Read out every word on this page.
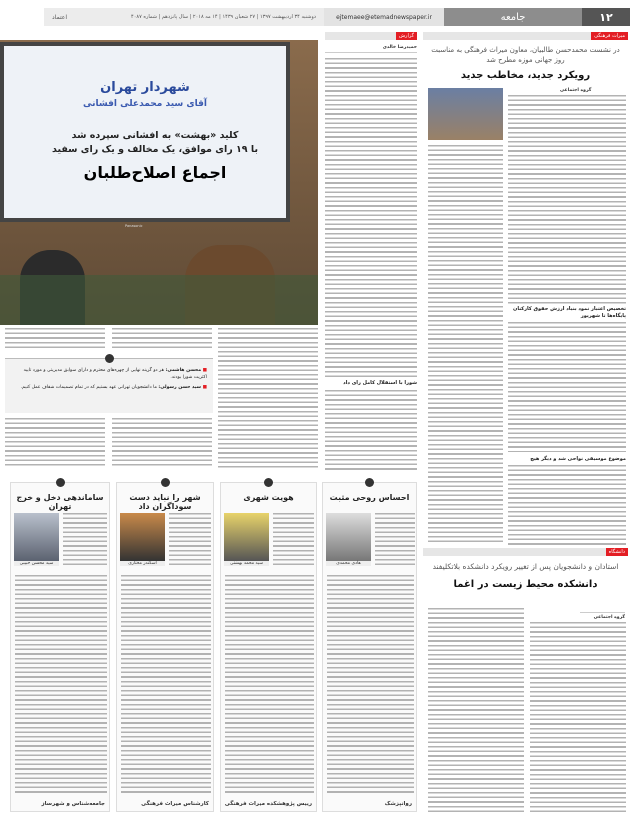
۱۲
جامعه
ejtemaee@etemadnewspaper.ir
دوشنبه ۳۴ اردیبهشت ۱۳۹۷ | ۲۷ شعبان ۱۴۳۹ | ۱۴ مه ۲۰۱۸ | سال پانزدهم | شماره ۴۰۸۷
اعتماد
میراث فرهنگی
در نشست محمدحسن طالبیان، معاون میراث فرهنگی به مناسبت روز جهانی موزه مطرح شد
رویکرد جدید، مخاطب جدید
گروه اجتماعی
تخصیص اعتبار نمود بنیاد ارزش حقوق کارکنان پایگاه‌ها تا شهریور
موضوع موسیقی نواحی شد و دیگر هیچ
دانشگاه
استادان و دانشجویان پس از تغییر رویکرد دانشکده بلاتکلیفند
دانشکده محیط زیست در اغما
گروه اجتماعی
گزارش
حمیدرضا خالدی
شورا با استقلال کامل رای داد
شهردار تهران
آقای سید محمدعلی افشانی
Panasonic
کلید «بهشت» به افشانی سپرده شد
با ۱۹ رای موافق، یک مخالف و یک رای سفید
اجماع اصلاح‌طلبان
■ محسن هاشمی: هر دو گزینه نهایی از چهره‌های محترم و دارای سوابق مدیریتی و مورد تایید اکثریت شورا بودند.
■ سید حسن رسولی: ما دانشجویان تهرانی عهد بستیم که در تمام تصمیمات شفاف عمل کنیم.
احساس روحی مثبت
هادی محمدی
روانپزشک
هویت شهری
سید محمد بهشتی
رییس پژوهشکده میراث فرهنگی
شهر را نباید دست سوداگران داد
اسکندر مختاری
کارشناس میراث فرهنگی
ساماندهی دخل و خرج تهران
سید محسن حبیبی
جامعه‌شناس و شهرساز
